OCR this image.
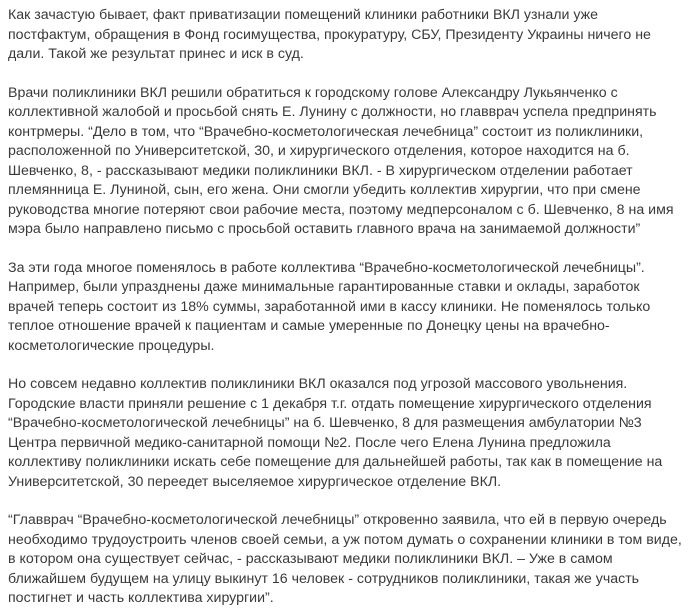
Как зачастую бывает, факт приватизации помещений клиники работники ВКЛ узнали уже постфактум, обращения в Фонд госимущества, прокуратуру, СБУ, Президенту Украины ничего не дали. Такой же результат принес и иск в суд.

Врачи поликлиники ВКЛ решили обратиться к городскому голове Александру Лукьянченко с коллективной жалобой и просьбой снять Е. Лунину с должности, но главврач успела предпринять контрмеры. “Дело в том, что “Врачебно-косметологическая лечебница” состоит из поликлиники, расположенной по Университетской, 30, и хирургического отделения, которое находится на б. Шевченко, 8, - рассказывают медики поликлиники ВКЛ. - В хирургическом отделении работает племянница Е. Луниной, сын, его жена. Они смогли убедить коллектив хирургии, что при смене руководства многие потеряют свои рабочие места, поэтому медперсоналом с б. Шевченко, 8 на имя мэра было направлено письмо с просьбой оставить главного врача на занимаемой должности”

За эти года многое поменялось в работе коллектива “Врачебно-косметологической лечебницы”. Например, были упразднены даже минимальные гарантированные ставки и оклады, заработок врачей теперь состоит из 18% суммы, заработанной ими в кассу клиники. Не поменялось только теплое отношение врачей к пациентам и самые умеренные по Донецку цены на врачебно-косметологические процедуры.

Но совсем недавно коллектив поликлиники ВКЛ оказался под угрозой массового увольнения. Городские власти приняли решение с 1 декабря т.г. отдать помещение хирургического отделения “Врачебно-косметологической лечебницы” на б. Шевченко, 8 для размещения амбулатории №3 Центра первичной медико-санитарной помощи №2. После чего Елена Лунина предложила коллективу поликлиники искать себе помещение для дальнейшей работы, так как в помещение на Университетской, 30 переедет выселяемое хирургическое отделение ВКЛ.

“Главврач “Врачебно-косметологической лечебницы” откровенно заявила, что ей в первую очередь необходимо трудоустроить членов своей семьи, а уж потом думать о сохранении клиники в том виде, в котором она существует сейчас, - рассказывают медики поликлиники ВКЛ. – Уже в самом ближайшем будущем на улицу выкинут 16 человек - сотрудников поликлиники, такая же участь постигнет и часть коллектива хирургии”.
